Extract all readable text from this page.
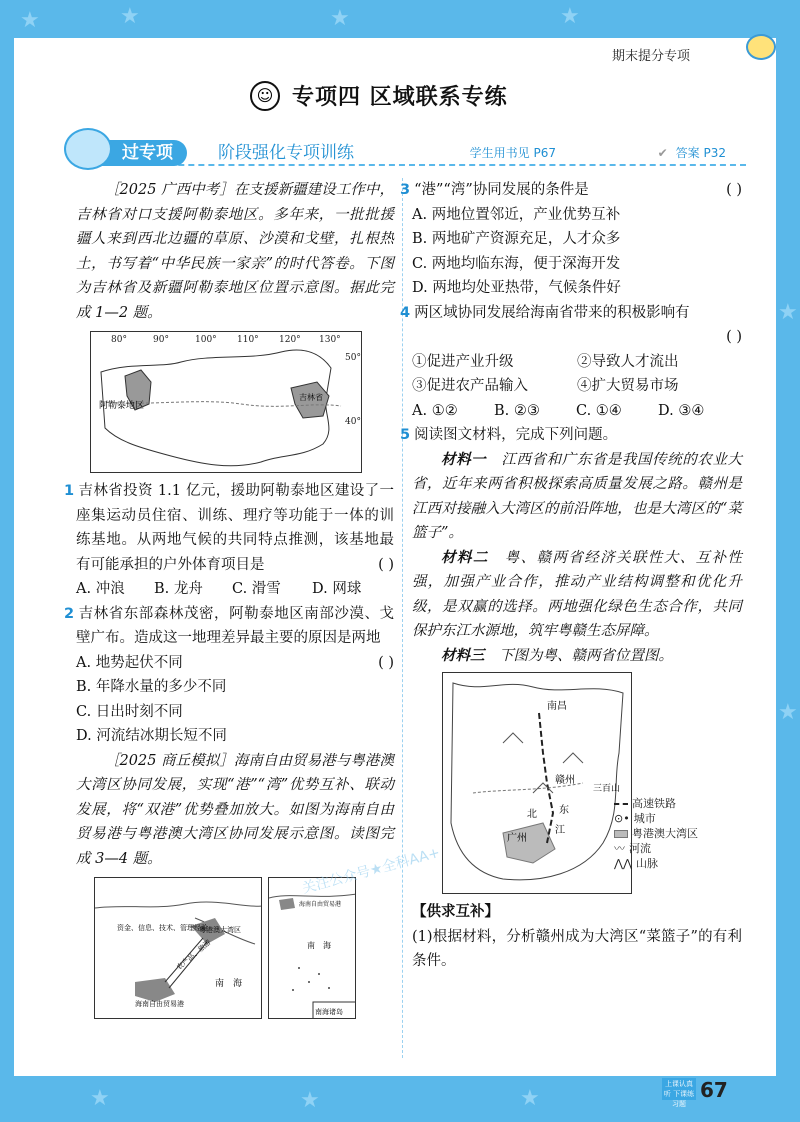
★	★	★	★
★	★	★
★
★
期末提分专项
☺ 专项四 区域联系专练
过专项	阶段强化专项训练	学生用书见 P67	✔ 答案 P32

［2025 广西中考］在支援新疆建设工作中，吉林省对口支援阿勒泰地区。多年来，一批批援疆人来到西北边疆的草原、沙漠和戈壁，扎根热土，书写着“中华民族一家亲”的时代答卷。下图为吉林省及新疆阿勒泰地区位置示意图。据此完成 1—2 题。

80°	90°	100° 110° 120° 130°
50°
40°
阿勒泰地区
吉林省

1 吉林省投资 1.1 亿元，援助阿勒泰地区建设了一座集运动员住宿、训练、理疗等功能于一体的训练基地。从两地气候的共同特点推测，该基地最有可能承担的户外体育项目是	( )

A. 冲浪	B. 龙舟	C. 滑雪	D. 网球

2 吉林省东部森林茂密，阿勒泰地区南部沙漠、戈壁广布。造成这一地理差异最主要的原因是两地
( )

A. 地势起伏不同
B. 年降水量的多少不同
C. 日出时刻不同
D. 河流结冰期长短不同

［2025 商丘模拟］海南自由贸易港与粤港澳大湾区协同发展，实现“港”“湾”优势互补、联动发展，将“双港”优势叠加放大。如图为海南自由贸易港与粤港澳大湾区协同发展示意图。读图完成 3—4 题。

资金、信息、技术、管理经验
粤港澳大湾区
农产品、旅游
海南自由贸易港
南　海
海南自由贸易港
南　海
南海诸岛

3 “港”“湾”协同发展的条件是	( )

A. 两地位置邻近，产业优势互补
B. 两地矿产资源充足，人才众多
C. 两地均临东海，便于深海开发
D. 两地均处亚热带，气候条件好

4 两区域协同发展给海南省带来的积极影响有

( )
①促进产业升级	②导致人才流出
③促进农产品输入	④扩大贸易市场
A. ①②	B. ②③	C. ①④	D. ③④

5 阅读图文材料，完成下列问题。

材料一　 江西省和广东省是我国传统的农业大省，近年来两省积极探索高质量发展之路。赣州是江西对接融入大湾区的前沿阵地，也是大湾区的“菜篮子”。

材料二　 粤、赣两省经济关联性大、互补性强，加强产业合作，推动产业结构调整和优化升级，是双赢的选择。两地强化绿色生态合作，共同保护东江水源地，筑牢粤赣生态屏障。

材料三　 下图为粤、赣两省位置图。

南昌
赣州
三百山
广州
北 东
江
【供求互补】

(1)根据材料，分析赣州成为大湾区“菜篮子”的有利条件。

高速铁路
⊙• 城市
粤港澳大湾区
〰 河流
⋀⋀ 山脉
关注公众号★全科AA+
上课认真听 下课练习题
67
